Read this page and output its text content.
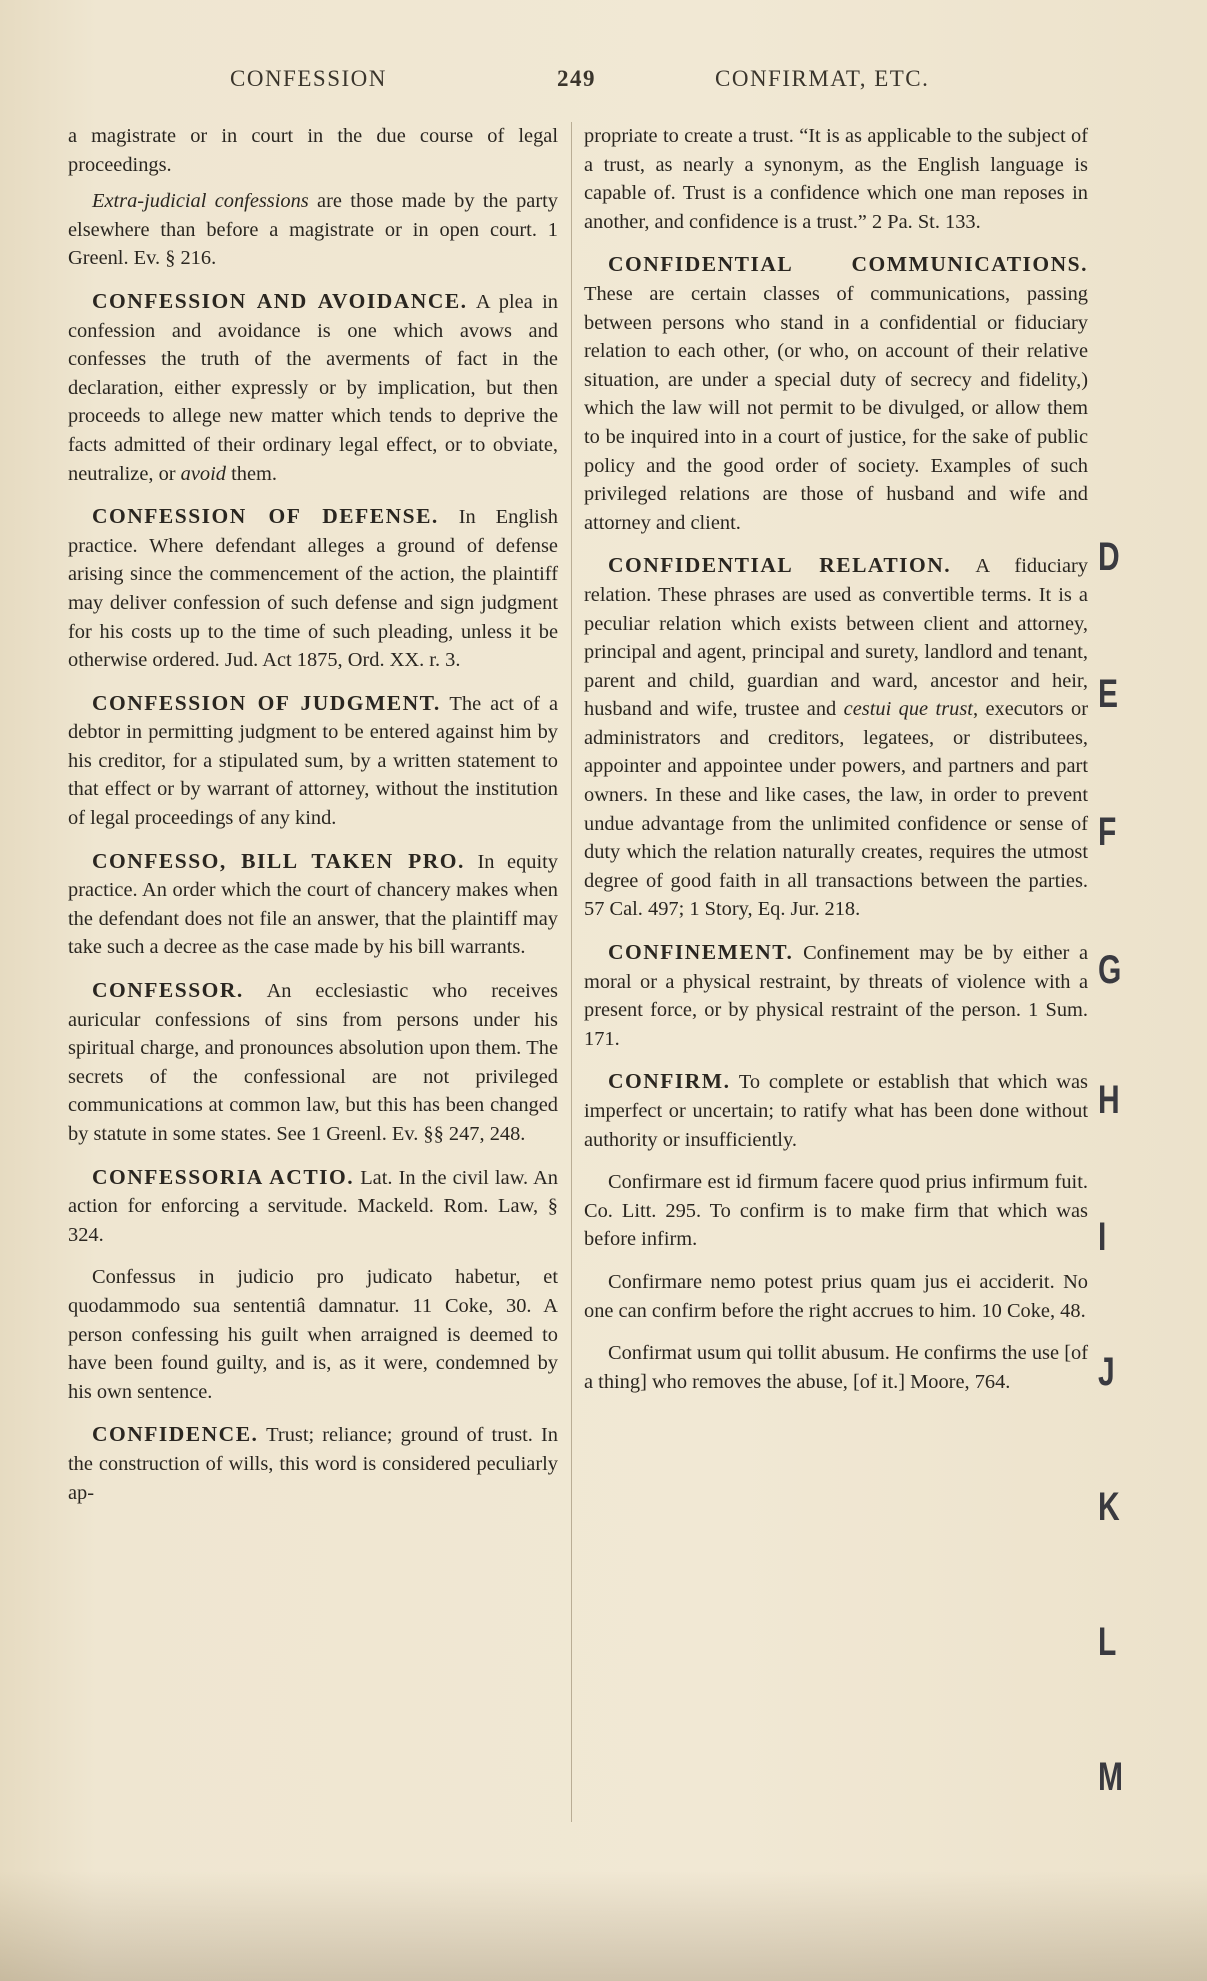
CONFESSION	249	CONFIRMAT, ETC.

a magistrate or in court in the due course of legal proceedings.

Extra-judicial confessions are those made by the party elsewhere than before a magistrate or in open court. 1 Greenl. Ev. § 216.

CONFESSION AND AVOIDANCE. A plea in confession and avoidance is one which avows and confesses the truth of the averments of fact in the declaration, either expressly or by implication, but then proceeds to allege new matter which tends to deprive the facts admitted of their ordinary legal effect, or to obviate, neutralize, or avoid them.

CONFESSION OF DEFENSE. In English practice. Where defendant alleges a ground of defense arising since the commencement of the action, the plaintiff may deliver confession of such defense and sign judgment for his costs up to the time of such pleading, unless it be otherwise ordered. Jud. Act 1875, Ord. XX. r. 3.

CONFESSION OF JUDGMENT. The act of a debtor in permitting judgment to be entered against him by his creditor, for a stipulated sum, by a written statement to that effect or by warrant of attorney, without the institution of legal proceedings of any kind.

CONFESSO, BILL TAKEN PRO. In equity practice. An order which the court of chancery makes when the defendant does not file an answer, that the plaintiff may take such a decree as the case made by his bill warrants.

CONFESSOR. An ecclesiastic who receives auricular confessions of sins from persons under his spiritual charge, and pronounces absolution upon them. The secrets of the confessional are not privileged communications at common law, but this has been changed by statute in some states. See 1 Greenl. Ev. §§ 247, 248.

CONFESSORIA ACTIO. Lat. In the civil law. An action for enforcing a servitude. Mackeld. Rom. Law, § 324.

Confessus in judicio pro judicato habetur, et quodammodo sua sententiâ damnatur. 11 Coke, 30. A person confessing his guilt when arraigned is deemed to have been found guilty, and is, as it were, condemned by his own sentence.

CONFIDENCE. Trust; reliance; ground of trust. In the construction of wills, this word is considered peculiarly ap-

propriate to create a trust. “It is as applicable to the subject of a trust, as nearly a synonym, as the English language is capable of. Trust is a confidence which one man reposes in another, and confidence is a trust.” 2 Pa. St. 133.

CONFIDENTIAL COMMUNICATIONS. These are certain classes of communications, passing between persons who stand in a confidential or fiduciary relation to each other, (or who, on account of their relative situation, are under a special duty of secrecy and fidelity,) which the law will not permit to be divulged, or allow them to be inquired into in a court of justice, for the sake of public policy and the good order of society. Examples of such privileged relations are those of husband and wife and attorney and client.

CONFIDENTIAL RELATION. A fiduciary relation. These phrases are used as convertible terms. It is a peculiar relation which exists between client and attorney, principal and agent, principal and surety, landlord and tenant, parent and child, guardian and ward, ancestor and heir, husband and wife, trustee and cestui que trust, executors or administrators and creditors, legatees, or distributees, appointer and appointee under powers, and partners and part owners. In these and like cases, the law, in order to prevent undue advantage from the unlimited confidence or sense of duty which the relation naturally creates, requires the utmost degree of good faith in all transactions between the parties. 57 Cal. 497; 1 Story, Eq. Jur. 218.

CONFINEMENT. Confinement may be by either a moral or a physical restraint, by threats of violence with a present force, or by physical restraint of the person. 1 Sum. 171.

CONFIRM. To complete or establish that which was imperfect or uncertain; to ratify what has been done without authority or insufficiently.

Confirmare est id firmum facere quod prius infirmum fuit. Co. Litt. 295. To confirm is to make firm that which was before infirm.

Confirmare nemo potest prius quam jus ei acciderit. No one can confirm before the right accrues to him. 10 Coke, 48.

Confirmat usum qui tollit abusum. He confirms the use [of a thing] who removes the abuse, [of it.] Moore, 764.

D
E
F
G
H
I
J
K
L
M
